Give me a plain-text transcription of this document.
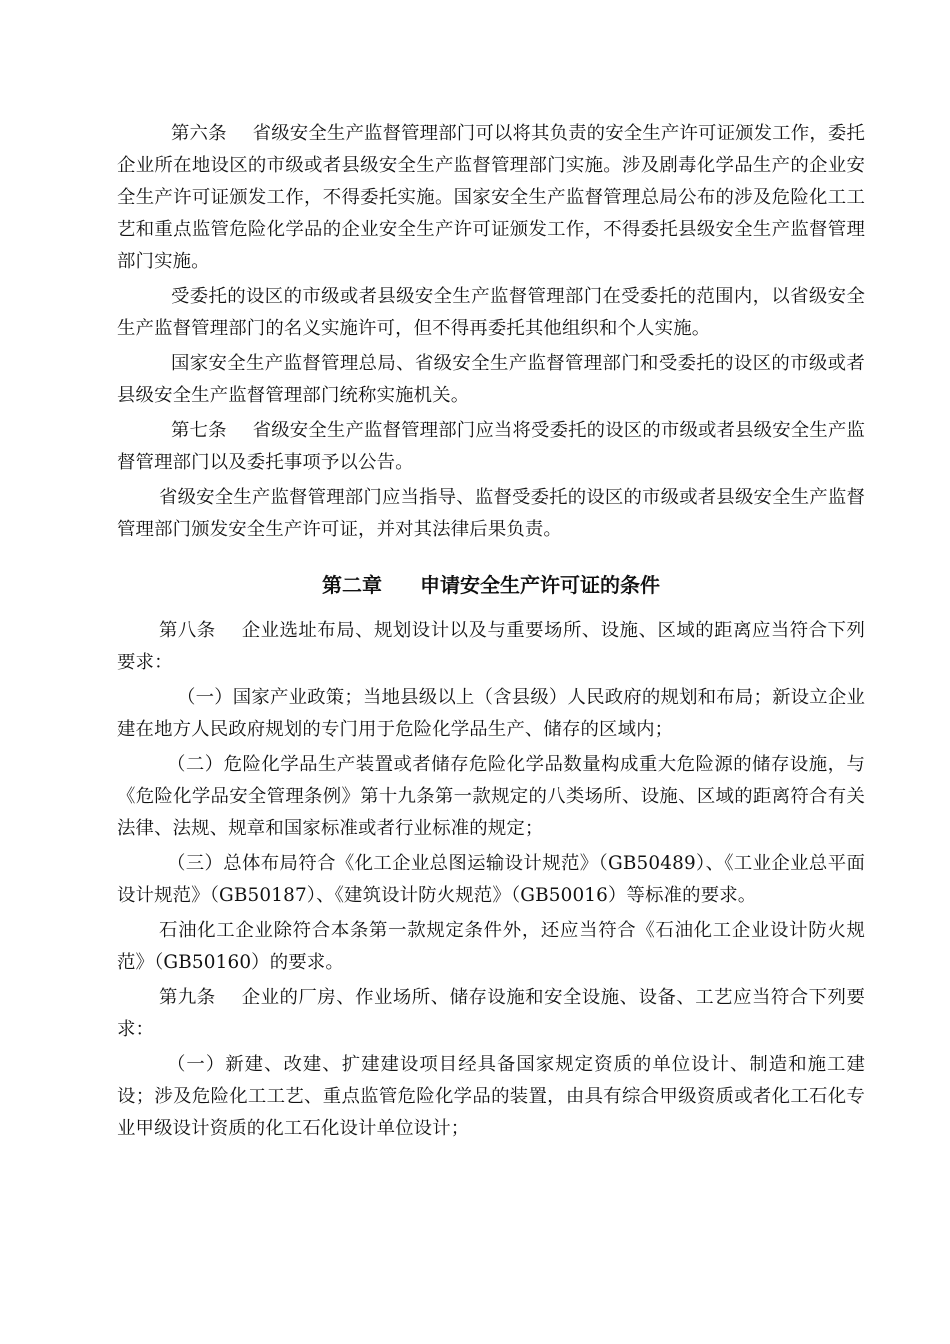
第六条 省级安全生产监督管理部门可以将其负责的安全生产许可证颁发工作，委托企业所在地设区的市级或者县级安全生产监督管理部门实施。涉及剧毒化学品生产的企业安全生产许可证颁发工作，不得委托实施。国家安全生产监督管理总局公布的涉及危险化工工艺和重点监管危险化学品的企业安全生产许可证颁发工作，不得委托县级安全生产监督管理部门实施。

受委托的设区的市级或者县级安全生产监督管理部门在受委托的范围内，以省级安全生产监督管理部门的名义实施许可，但不得再委托其他组织和个人实施。

国家安全生产监督管理总局、省级安全生产监督管理部门和受委托的设区的市级或者县级安全生产监督管理部门统称实施机关。

第七条 省级安全生产监督管理部门应当将受委托的设区的市级或者县级安全生产监督管理部门以及委托事项予以公告。

省级安全生产监督管理部门应当指导、监督受委托的设区的市级或者县级安全生产监督管理部门颁发安全生产许可证，并对其法律后果负责。

第二章 申请安全生产许可证的条件

第八条 企业选址布局、规划设计以及与重要场所、设施、区域的距离应当符合下列要求：

（一）国家产业政策；当地县级以上（含县级）人民政府的规划和布局；新设立企业建在地方人民政府规划的专门用于危险化学品生产、储存的区域内；

（二）危险化学品生产装置或者储存危险化学品数量构成重大危险源的储存设施，与《危险化学品安全管理条例》第十九条第一款规定的八类场所、设施、区域的距离符合有关法律、法规、规章和国家标准或者行业标准的规定；

（三）总体布局符合《化工企业总图运输设计规范》（GB50489）、《工业企业总平面设计规范》（GB50187）、《建筑设计防火规范》（GB50016）等标准的要求。

石油化工企业除符合本条第一款规定条件外，还应当符合《石油化工企业设计防火规范》（GB50160）的要求。

第九条 企业的厂房、作业场所、储存设施和安全设施、设备、工艺应当符合下列要求：

（一）新建、改建、扩建建设项目经具备国家规定资质的单位设计、制造和施工建设；涉及危险化工工艺、重点监管危险化学品的装置，由具有综合甲级资质或者化工石化专业甲级设计资质的化工石化设计单位设计；
